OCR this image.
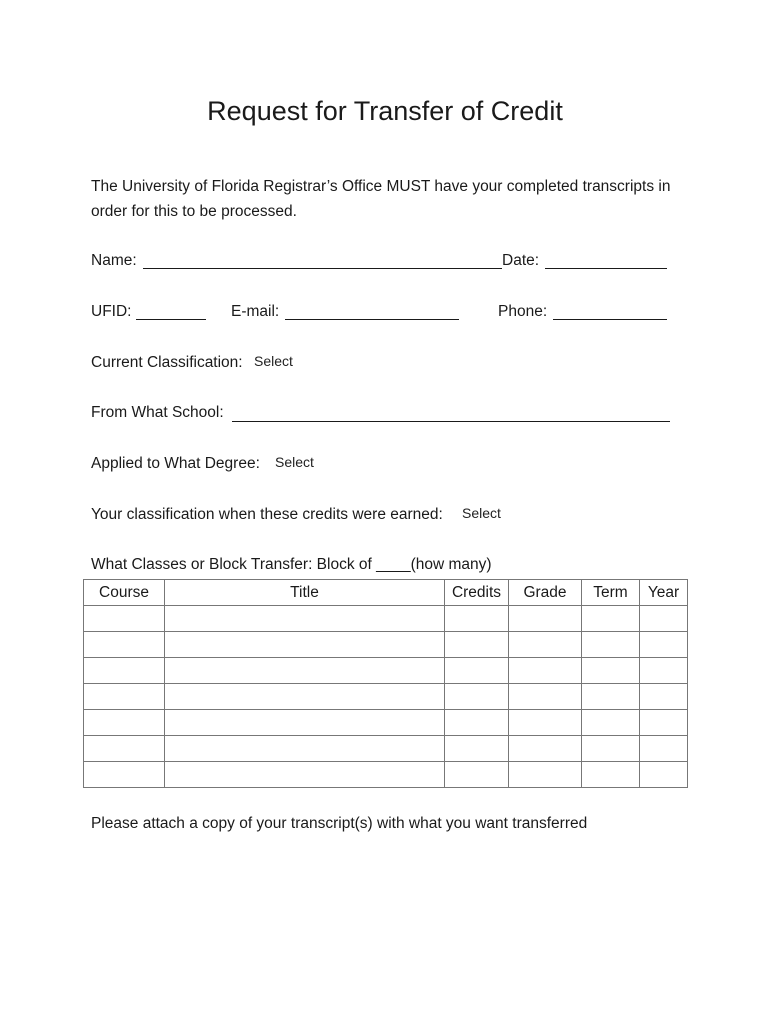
Request for Transfer of Credit
The University of Florida Registrar’s Office MUST have your completed transcripts in order for this to be processed.
Name:	Date:
UFID:	E-mail:	Phone:
Current Classification: Select
From What School:
Applied to What Degree: Select
Your classification when these credits were earned: Select
What Classes or Block Transfer: Block of ____(how many)
Course	Title	Credits	Grade	Term	Year

Please attach a copy of your transcript(s) with what you want transferred
